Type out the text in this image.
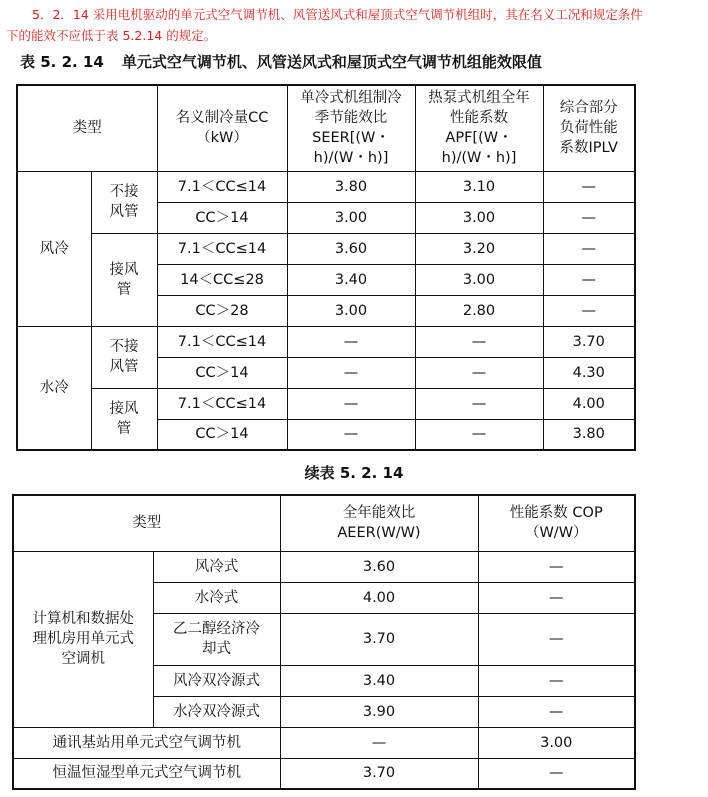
5．2．14 采用电机驱动的单元式空气调节机、风管送风式和屋顶式空气调节机组时，其在名义工况和规定条件
下的能效不应低于表 5.2.14 的规定。
表 5. 2. 14 单元式空气调节机、风管送风式和屋顶式空气调节机组能效限值
类型		名义制冷量CC（kW）	单冷式机组制冷季节能效比SEER[(W・h)/(W・h)]	热泵式机组全年性能系数APF[(W・h)/(W・h)]	综合部分负荷性能系数IPLV

风冷	不接风管	7.1＜CC≤14	3.80	3.10	—
		CC＞14	3.00	3.00	—

	接风管	7.1＜CC≤14	3.60	3.20	—
		14＜CC≤28	3.40	3.00	—
		CC＞28	3.00	2.80	—
水冷	不接风管	7.1＜CC≤14	—	—	3.70
		CC＞14	—	—	4.30

	接风管	7.1＜CC≤14	—	—	4.00
		CC＞14	—	—	3.80
续表 5. 2. 14
类型		全年能效比AEER(W/W)	性能系数 COP（W/W）

计算机和数据处理机房用单元式空调机	风冷式	3.60	—

	水冷式	4.00	—

	乙二醇经济冷却式	3.70	—

	风冷双冷源式	3.40	—

	水冷双冷源式	3.90	—
通讯基站用单元式空气调节机		—	3.00
恒温恒湿型单元式空气调节机		3.70	—
